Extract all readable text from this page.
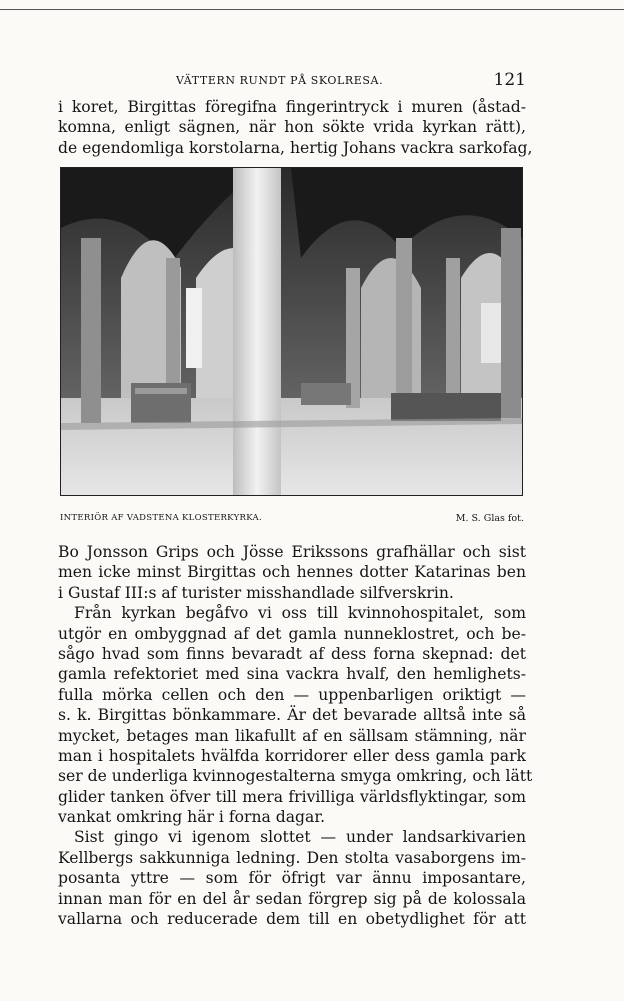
VÄTTERN RUNDT PÅ SKOLRESA.	121
i koret, Birgittas föregifna fingerintryck i muren (åstad-
komna, enligt sägnen, när hon sökte vrida kyrkan rätt),
de egendomliga korstolarna, hertig Johans vackra sarkofag,
INTERIÖR AF VADSTENA KLOSTERKYRKA.	M. S. Glas fot.
Bo Jonsson Grips och Jösse Erikssons grafhällar och sist
men icke minst Birgittas och hennes dotter Katarinas ben
i Gustaf III:s af turister misshandlade silfverskrin.
Från kyrkan begåfvo vi oss till kvinnohospitalet, som
utgör en ombyggnad af det gamla nunneklostret, och be-
sågo hvad som finns bevaradt af dess forna skepnad: det
gamla refektoriet med sina vackra hvalf, den hemlighets-
fulla mörka cellen och den — uppenbarligen oriktigt —
s. k. Birgittas bönkammare. Är det bevarade alltså inte så
mycket, betages man likafullt af en sällsam stämning, när
man i hospitalets hvälfda korridorer eller dess gamla park
ser de underliga kvinnogestalterna smyga omkring, och lätt
glider tanken öfver till mera frivilliga världsflyktingar, som
vankat omkring här i forna dagar.
Sist gingo vi igenom slottet — under landsarkivarien
Kellbergs sakkunniga ledning. Den stolta vasaborgens im-
posanta yttre — som för öfrigt var ännu imposantare,
innan man för en del år sedan förgrep sig på de kolossala
vallarna och reducerade dem till en obetydlighet för att
